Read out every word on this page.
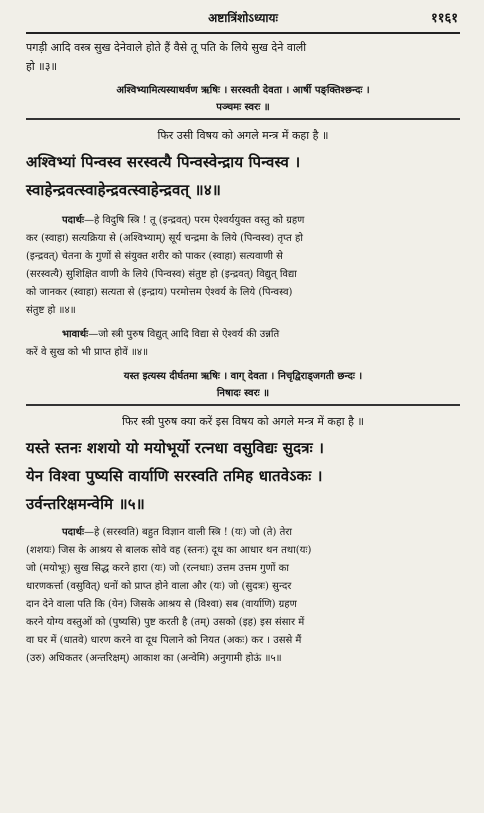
अष्टात्रिंशोऽध्यायः	११६१
पगड़ी आदि वस्त्र सुख देनेवाले होते हैं वैसे तू पति के लिये सुख देने वाली
हो ॥३॥
अश्विभ्यामित्यस्याथर्वण ऋषिः । सरस्वती देवता । आर्षी पङ्क्तिश्छन्दः ।
पञ्चमः स्वरः ॥
फिर उसी विषय को अगले मन्त्र में कहा है ॥
अश्विभ्यां पिन्वस्व सरस्वत्यै पिन्वस्वेन्द्राय पिन्वस्व ।
स्वाहेन्द्रवत्स्वाहेन्द्रवत्स्वाहेन्द्रवत् ॥४॥
पदार्थः—हे विदुषि स्त्रि ! तू (इन्द्रवत्) परम ऐश्वर्ययुक्त वस्तु को ग्रहण
कर (स्वाहा) सत्यक्रिया से (अश्विभ्याम्) सूर्य चन्द्रमा के लिये (पिन्वस्व) तृप्त हो
(इन्द्रवत्) चेतना के गुणों से संयुक्त शरीर को पाकर (स्वाहा) सत्यवाणी से
(सरस्वत्यै) सुशिक्षित वाणी के लिये (पिन्वस्व) संतुष्ट हो (इन्द्रवत्) विद्युत् विद्या
को जानकर (स्वाहा) सत्यता से (इन्द्राय) परमोत्तम ऐश्वर्य के लिये (पिन्वस्व)
संतुष्ट हो ॥४॥
भावार्थः—जो स्त्री पुरुष विद्युत् आदि विद्या से ऐश्वर्य की उन्नति
करें वे सुख को भी प्राप्त होवें ॥४॥
यस्त इत्यस्य दीर्घतमा ऋषिः । वाग् देवता । निचृद्विराड्जगती छन्दः ।
निषादः स्वरः ॥
फिर स्त्री पुरुष क्या करें इस विषय को अगले मन्त्र में कहा है ॥
यस्ते स्तनः शशयो यो मयोभूर्यो रत्नधा वसुविद्यः सुदत्रः ।
येन विश्वा पुष्यसि वार्याणि सरस्वति तमिह धातवेऽकः ।
उर्वन्तरिक्षमन्वेमि ॥५॥
पदार्थः—हे (सरस्वति) बहुत विज्ञान वाली स्त्रि ! (यः) जो (ते) तेरा
(शशयः) जिस के आश्रय से बालक सोवे वह (स्तनः) दूध का आधार थन तथा(यः)
जो (मयोभूः) सुख सिद्ध करने हारा (यः) जो (रत्नधाः) उत्तम उत्तम गुणों का
धारणकर्त्ता (वसुवित्) धनों को प्राप्त होने वाला और (यः) जो (सुदत्रः) सुन्दर
दान देने वाला पति कि (येन) जिसके आश्रय से (विश्वा) सब (वार्याणि) ग्रहण
करने योग्य वस्तुओं को (पुष्यसि) पुष्ट करती है (तम्) उसको (इह) इस संसार में
वा घर में (धातवे) धारण करने वा दूध पिलाने को नियत (अकः) कर । उससे मैं
(उरु) अधिकतर (अन्तरिक्षम्) आकाश का (अन्वेमि) अनुगामी होऊं ॥५॥
